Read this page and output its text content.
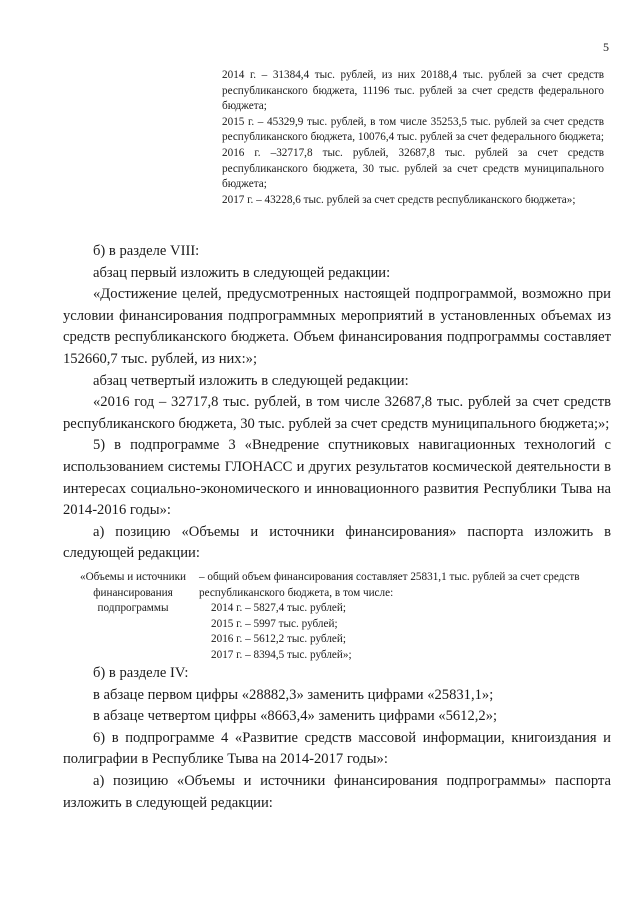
5

2014 г. – 31384,4 тыс. рублей, из них 20188,4 тыс. рублей за счет средств республиканского бюджета, 11196 тыс. рублей за счет средств федерального бюджета;

2015 г. – 45329,9 тыс. рублей, в том числе 35253,5 тыс. рублей за счет средств республиканского бюджета, 10076,4 тыс. рублей за счет федерального бюджета;

2016 г. –32717,8 тыс. рублей, 32687,8 тыс. рублей за счет средств республиканского бюджета, 30 тыс. рублей за счет средств муниципального бюджета;

2017 г. – 43228,6 тыс. рублей за счет средств республиканского бюджета»;

б) в разделе VIII:

абзац первый изложить в следующей редакции:

«Достижение целей, предусмотренных настоящей подпрограммой, возможно при условии финансирования подпрограммных мероприятий в установленных объемах из средств республиканского бюджета. Объем финансирования подпрограммы составляет 152660,7 тыс. рублей, из них:»;

абзац четвертый изложить в следующей редакции:

«2016 год – 32717,8 тыс. рублей, в том числе 32687,8 тыс. рублей за счет средств республиканского бюджета, 30 тыс. рублей за счет средств муниципального бюджета;»;

5) в подпрограмме 3 «Внедрение спутниковых навигационных технологий с использованием системы ГЛОНАСС и других результатов космической деятельности в интересах социально-экономического и инновационного развития Республики Тыва на 2014-2016 годы»:

а) позицию «Объемы и источники финансирования» паспорта изложить в следующей редакции:

«Объемы и источники финансирования подпрограммы

– общий объем финансирования составляет 25831,1 тыс. рублей за счет средств республиканского бюджета, в том числе:

2014 г. – 5827,4 тыс. рублей;

2015 г. – 5997 тыс. рублей;

2016 г. – 5612,2 тыс. рублей;

2017 г. – 8394,5 тыс. рублей»;

б) в разделе IV:

в абзаце первом цифры «28882,3» заменить цифрами «25831,1»;

в абзаце четвертом цифры «8663,4» заменить цифрами «5612,2»;

6) в подпрограмме 4 «Развитие средств массовой информации, книгоиздания и полиграфии в Республике Тыва на 2014-2017 годы»:

а) позицию «Объемы и источники финансирования подпрограммы» паспорта изложить в следующей редакции:
